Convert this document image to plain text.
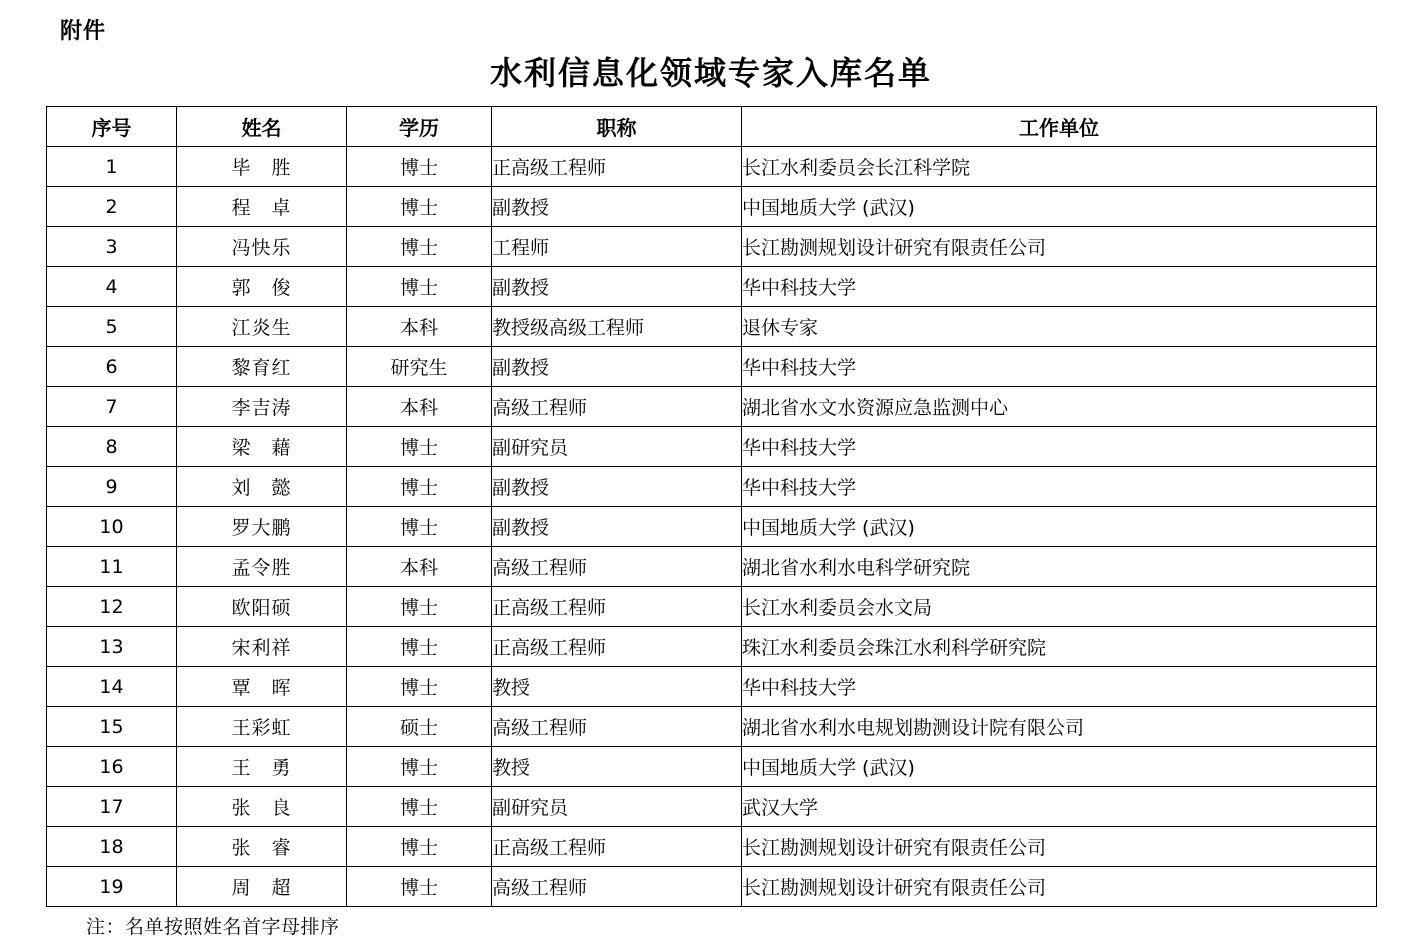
附件
水利信息化领域专家入库名单
序号	姓名	学历	职称	工作单位
1	毕　胜	博士	正高级工程师	长江水利委员会长江科学院
2	程　卓	博士	副教授	中国地质大学 (武汉)
3	冯快乐	博士	工程师	长江勘测规划设计研究有限责任公司
4	郭　俊	博士	副教授	华中科技大学
5	江炎生	本科	教授级高级工程师	退休专家
6	黎育红	研究生	副教授	华中科技大学
7	李吉涛	本科	高级工程师	湖北省水文水资源应急监测中心
8	梁　藉	博士	副研究员	华中科技大学
9	刘　懿	博士	副教授	华中科技大学
10	罗大鹏	博士	副教授	中国地质大学 (武汉)
11	孟令胜	本科	高级工程师	湖北省水利水电科学研究院
12	欧阳硕	博士	正高级工程师	长江水利委员会水文局
13	宋利祥	博士	正高级工程师	珠江水利委员会珠江水利科学研究院
14	覃　晖	博士	教授	华中科技大学
15	王彩虹	硕士	高级工程师	湖北省水利水电规划勘测设计院有限公司
16	王　勇	博士	教授	中国地质大学 (武汉)
17	张　良	博士	副研究员	武汉大学
18	张　睿	博士	正高级工程师	长江勘测规划设计研究有限责任公司
19	周　超	博士	高级工程师	长江勘测规划设计研究有限责任公司
注：名单按照姓名首字母排序
